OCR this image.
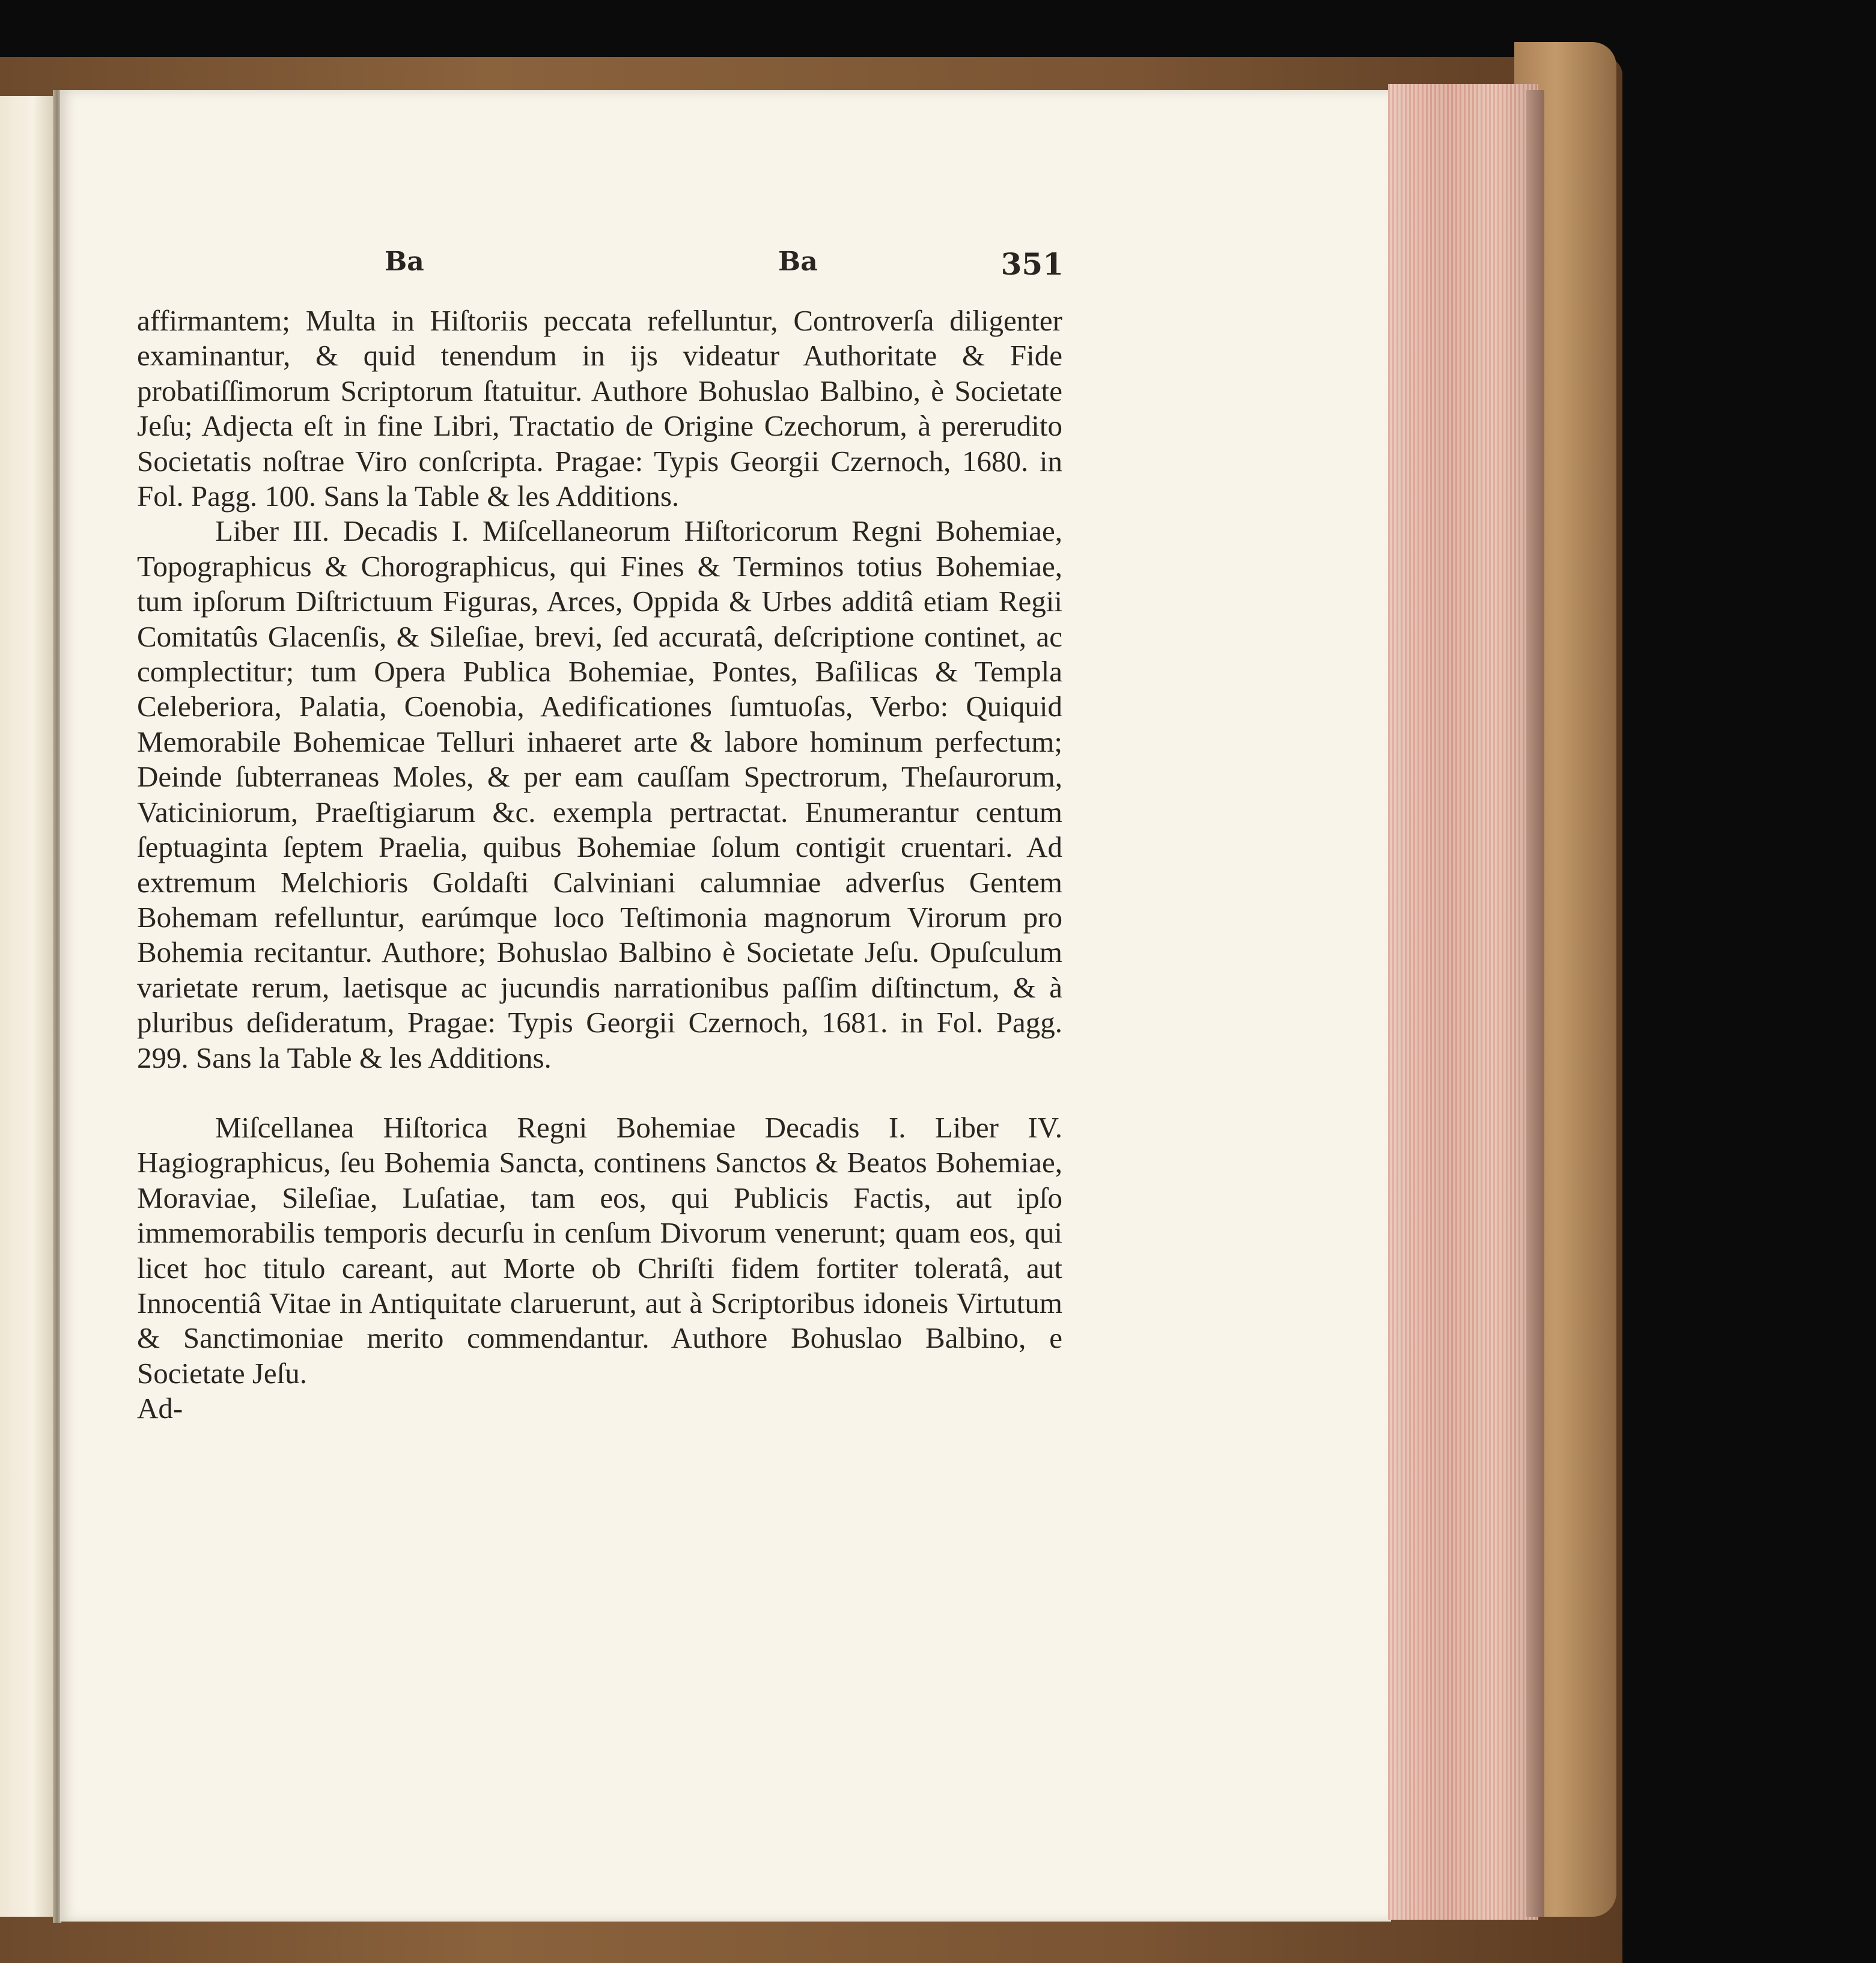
Ba	Ba	351

affirmantem; Multa in Hiſtoriis peccata refelluntur, Controverſa diligenter examinantur, & quid tenendum in ijs videatur Authoritate & Fide probatiſſimorum Scriptorum ſtatuitur. Authore Bohuslao Balbino, è Societate Jeſu; Adjecta eſt in fine Libri, Tractatio de Origine Czechorum, à pererudito Societatis noſtrae Viro conſcripta. Pragae: Typis Georgii Czernoch, 1680. in Fol. Pagg. 100. Sans la Table & les Additions.

Liber III. Decadis I. Miſcellaneorum Hiſtoricorum Regni Bohemiae, Topographicus & Chorographicus, qui Fines & Terminos totius Bohemiae, tum ipſorum Diſtrictuum Figuras, Arces, Oppida & Urbes additâ etiam Regii Comitatûs Glacenſis, & Sileſiae, brevi, ſed accuratâ, deſcriptione continet, ac complectitur; tum Opera Publica Bohemiae, Pontes, Baſilicas & Templa Celeberiora, Palatia, Coenobia, Aedificationes ſumtuoſas, Verbo: Quiquid Memorabile Bohemicae Telluri inhaeret arte & labore hominum perfectum; Deinde ſubterraneas Moles, & per eam cauſſam Spectrorum, Theſaurorum, Vaticiniorum, Praeſtigiarum &c. exempla pertractat. Enumerantur centum ſeptuaginta ſeptem Praelia, quibus Bohemiae ſolum contigit cruentari. Ad extremum Melchioris Goldaſti Calviniani calumniae adverſus Gentem Bohemam refelluntur, earúmque loco Teſtimonia magnorum Virorum pro Bohemia recitantur. Authore; Bohuslao Balbino è Societate Jeſu. Opuſculum varietate rerum, laetisque ac jucundis narrationibus paſſim diſtinctum, & à pluribus deſideratum, Pragae: Typis Georgii Czernoch, 1681. in Fol. Pagg. 299. Sans la Table & les Additions.

Miſcellanea Hiſtorica Regni Bohemiae Decadis I. Liber IV. Hagiographicus, ſeu Bohemia Sancta, continens Sanctos & Beatos Bohemiae, Moraviae, Sileſiae, Luſatiae, tam eos, qui Publicis Factis, aut ipſo immemorabilis temporis decurſu in cenſum Divorum venerunt; quam eos, qui licet hoc titulo careant, aut Morte ob Chriſti fidem fortiter toleratâ, aut Innocentiâ Vitae in Antiquitate claruerunt, aut à Scriptoribus idoneis Virtutum & Sanctimoniae merito commendantur. Authore Bohuslao Balbino, e Societate Jeſu.

Ad-
